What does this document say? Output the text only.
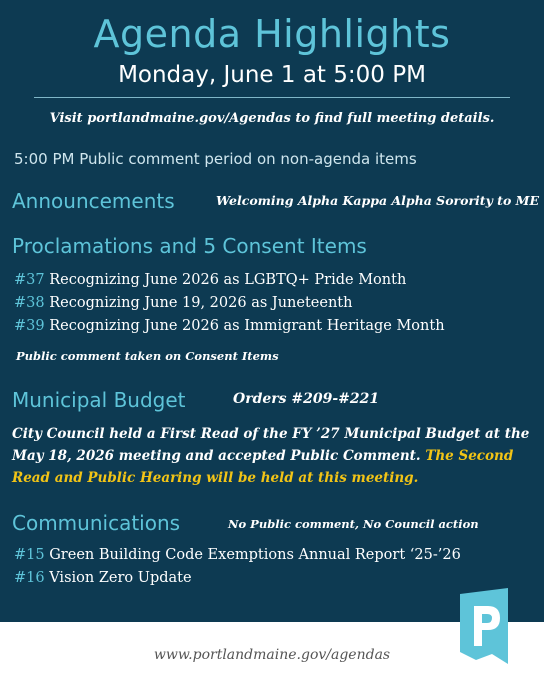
Agenda Highlights
Monday, June 1 at 5:00 PM
Visit portlandmaine.gov/Agendas to find full meeting details.
5:00 PM Public comment period on non-agenda items
Announcements	Welcoming Alpha Kappa Alpha Sorority to ME
Proclamations and 5 Consent Items
#37 Recognizing June 2026 as LGBTQ+ Pride Month
#38 Recognizing June 19, 2026 as Juneteenth
#39 Recognizing June 2026 as Immigrant Heritage Month
Public comment taken on Consent Items
Municipal Budget	Orders #209-#221
City Council held a First Read of the FY ’27 Municipal Budget at the May 18, 2026 meeting and accepted Public Comment. The Second Read and Public Hearing will be held at this meeting.
Communications	No Public comment, No Council action
#15 Green Building Code Exemptions Annual Report ‘25-’26
#16 Vision Zero Update
www.portlandmaine.gov/agendas
